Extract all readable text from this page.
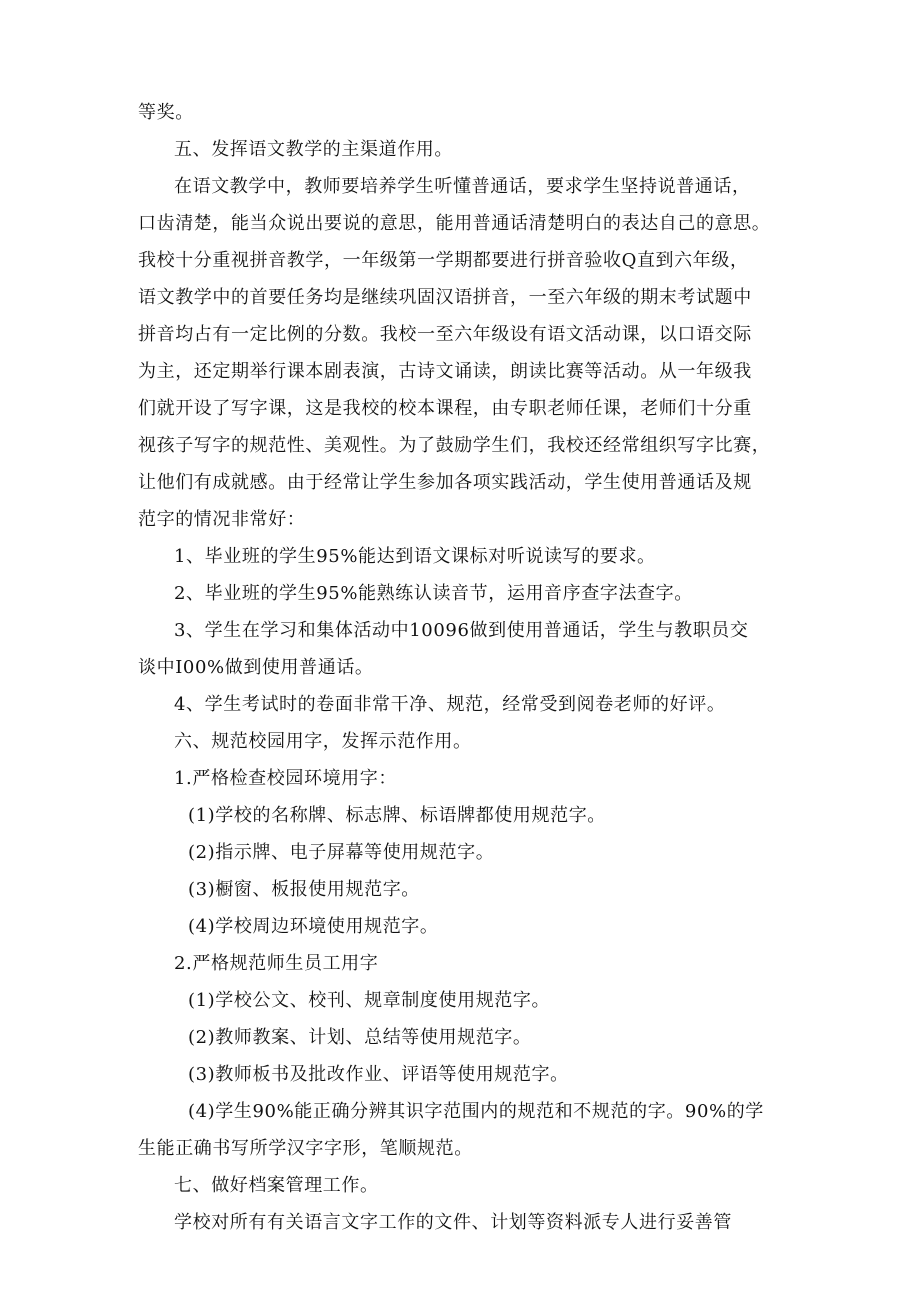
等奖。

五、发挥语文教学的主渠道作用。

在语文教学中，教师要培养学生听懂普通话，要求学生坚持说普通话，

口齿清楚，能当众说出要说的意思，能用普通话清楚明白的表达自己的意思。

我校十分重视拼音教学，一年级第一学期都要进行拼音验收Q直到六年级，

语文教学中的首要任务均是继续巩固汉语拼音，一至六年级的期末考试题中

拼音均占有一定比例的分数。我校一至六年级设有语文活动课，以口语交际

为主，还定期举行课本剧表演，古诗文诵读，朗读比赛等活动。从一年级我

们就开设了写字课，这是我校的校本课程，由专职老师任课，老师们十分重

视孩子写字的规范性、美观性。为了鼓励学生们，我校还经常组织写字比赛，

让他们有成就感。由于经常让学生参加各项实践活动，学生使用普通话及规

范字的情况非常好：

1、毕业班的学生95%能达到语文课标对听说读写的要求。

2、毕业班的学生95%能熟练认读音节，运用音序查字法查字。

3、学生在学习和集体活动中10096做到使用普通话，学生与教职员交

谈中I00%做到使用普通话。

4、学生考试时的卷面非常干净、规范，经常受到阅卷老师的好评。

六、规范校园用字，发挥示范作用。

1.严格检查校园环境用字：

(1)学校的名称牌、标志牌、标语牌都使用规范字。

(2)指示牌、电子屏幕等使用规范字。

(3)橱窗、板报使用规范字。

(4)学校周边环境使用规范字。

2.严格规范师生员工用字

(1)学校公文、校刊、规章制度使用规范字。

(2)教师教案、计划、总结等使用规范字。

(3)教师板书及批改作业、评语等使用规范字。

(4)学生90%能正确分辨其识字范围内的规范和不规范的字。90%的学

生能正确书写所学汉字字形，笔顺规范。

七、做好档案管理工作。

学校对所有有关语言文字工作的文件、计划等资料派专人进行妥善管
